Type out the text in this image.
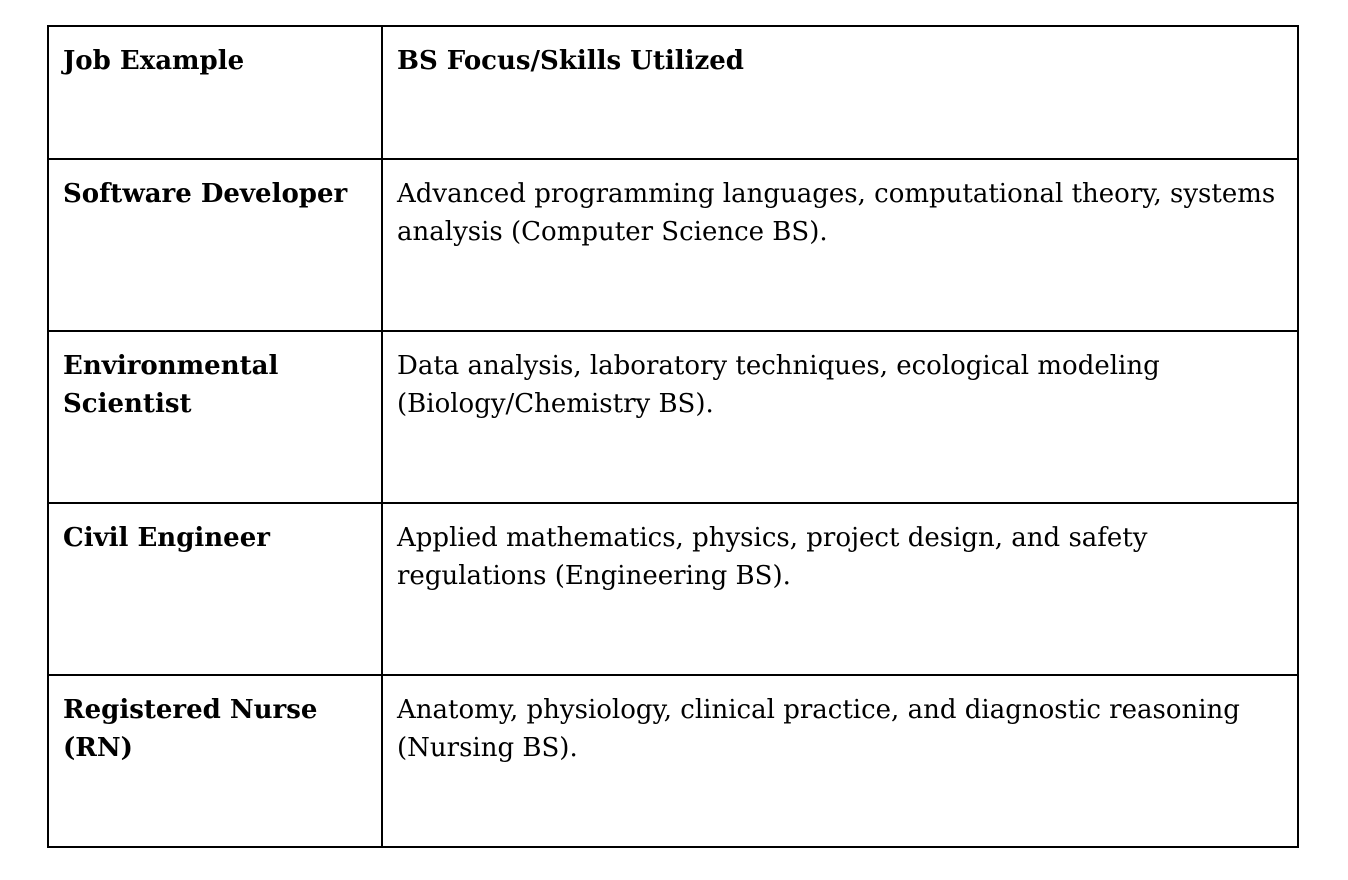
Job Example	BS Focus/Skills Utilized
Software Developer	Advanced programming languages, computational theory, systems analysis (Computer Science BS).
Environmental Scientist	Data analysis, laboratory techniques, ecological modeling (Biology/Chemistry BS).
Civil Engineer	Applied mathematics, physics, project design, and safety regulations (Engineering BS).
Registered Nurse (RN)	Anatomy, physiology, clinical practice, and diagnostic reasoning (Nursing BS).
